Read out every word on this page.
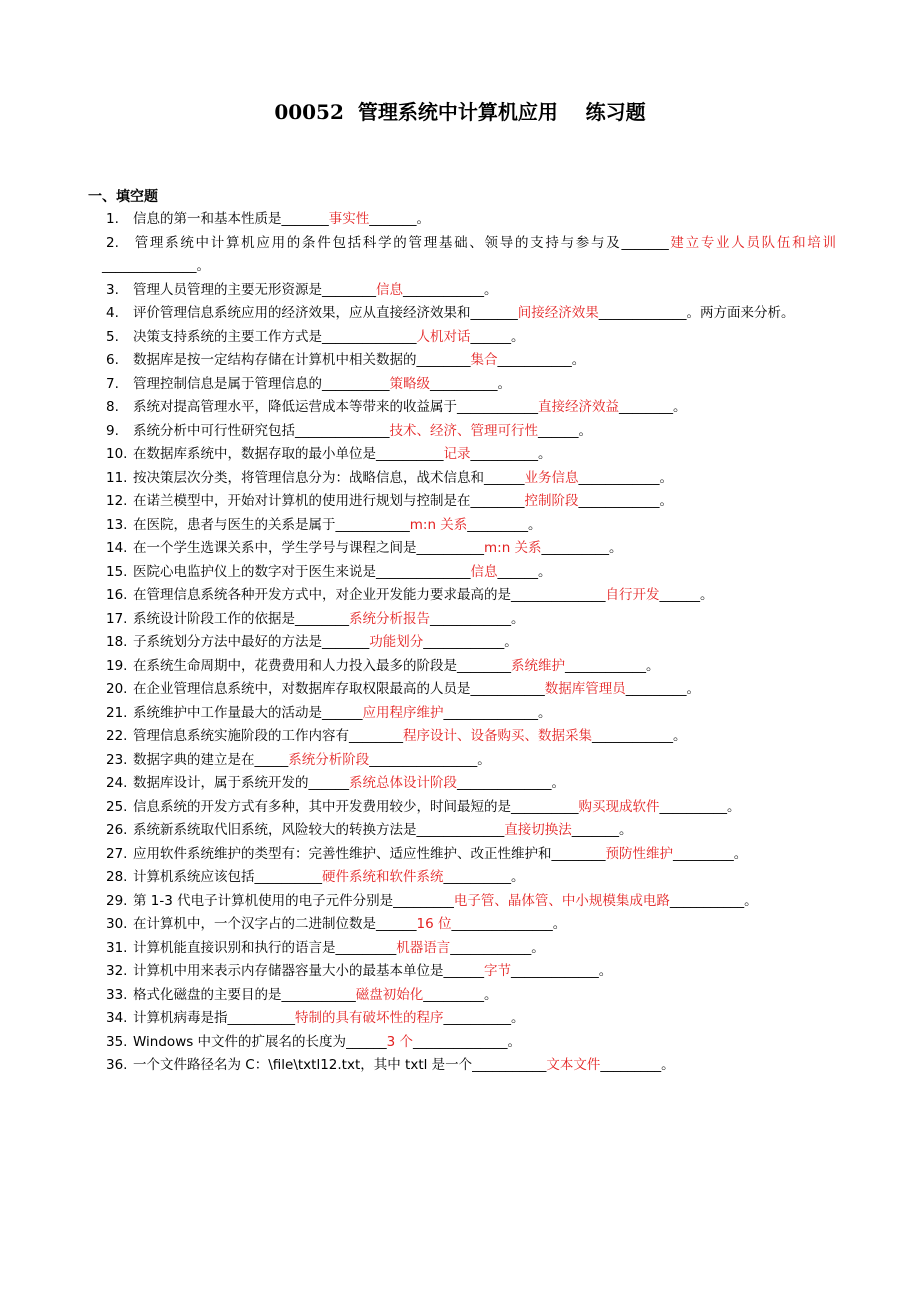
00052  管理系统中计算机应用    练习题
一、填空题
1. 信息的第一和基本性质是_______事实性_______。
2. 管理系统中计算机应用的条件包括科学的管理基础、领导的支持与参与及_______建立专业人员队伍和培训______________。
3. 管理人员管理的主要无形资源是________信息____________。
4. 评价管理信息系统应用的经济效果，应从直接经济效果和_______间接经济效果_____________。两方面来分析。
5. 决策支持系统的主要工作方式是______________人机对话______。
6. 数据库是按一定结构存储在计算机中相关数据的________集合___________。
7. 管理控制信息是属于管理信息的__________策略级__________。
8. 系统对提高管理水平，降低运营成本等带来的收益属于____________直接经济效益________。
9. 系统分析中可行性研究包括______________技术、经济、管理可行性______。
10. 在数据库系统中，数据存取的最小单位是__________记录__________。
11. 按决策层次分类，将管理信息分为：战略信息，战术信息和______业务信息____________。
12. 在诺兰模型中，开始对计算机的使用进行规划与控制是在________控制阶段____________。
13. 在医院，患者与医生的关系是属于___________m:n 关系_________。
14. 在一个学生选课关系中，学生学号与课程之间是__________m:n 关系__________。
15. 医院心电监护仪上的数字对于医生来说是______________信息______。
16. 在管理信息系统各种开发方式中，对企业开发能力要求最高的是______________自行开发______。
17. 系统设计阶段工作的依据是________系统分析报告____________。
18. 子系统划分方法中最好的方法是_______功能划分____________。
19. 在系统生命周期中，花费费用和人力投入最多的阶段是________系统维护____________。
20. 在企业管理信息系统中，对数据库存取权限最高的人员是___________数据库管理员_________。
21. 系统维护中工作量最大的活动是______应用程序维护______________。
22. 管理信息系统实施阶段的工作内容有________程序设计、设备购买、数据采集____________。
23. 数据字典的建立是在_____系统分析阶段________________。
24. 数据库设计，属于系统开发的______系统总体设计阶段______________。
25. 信息系统的开发方式有多种，其中开发费用较少，时间最短的是__________购买现成软件__________。
26. 系统新系统取代旧系统，风险较大的转换方法是_____________直接切换法_______。
27. 应用软件系统维护的类型有：完善性维护、适应性维护、改正性维护和________预防性维护_________。
28. 计算机系统应该包括__________硬件系统和软件系统__________。
29. 第 1-3 代电子计算机使用的电子元件分别是_________电子管、晶体管、中小规模集成电路___________。
30. 在计算机中，一个汉字占的二进制位数是______16 位_______________。
31. 计算机能直接识别和执行的语言是_________机器语言____________。
32. 计算机中用来表示内存储器容量大小的最基本单位是______字节_____________。
33. 格式化磁盘的主要目的是___________磁盘初始化_________。
34. 计算机病毒是指__________特制的具有破坏性的程序__________。
35. Windows 中文件的扩展名的长度为______3 个______________。
36. 一个文件路径名为 C：\file\txtl12.txt，其中 txtl 是一个___________文本文件_________。
